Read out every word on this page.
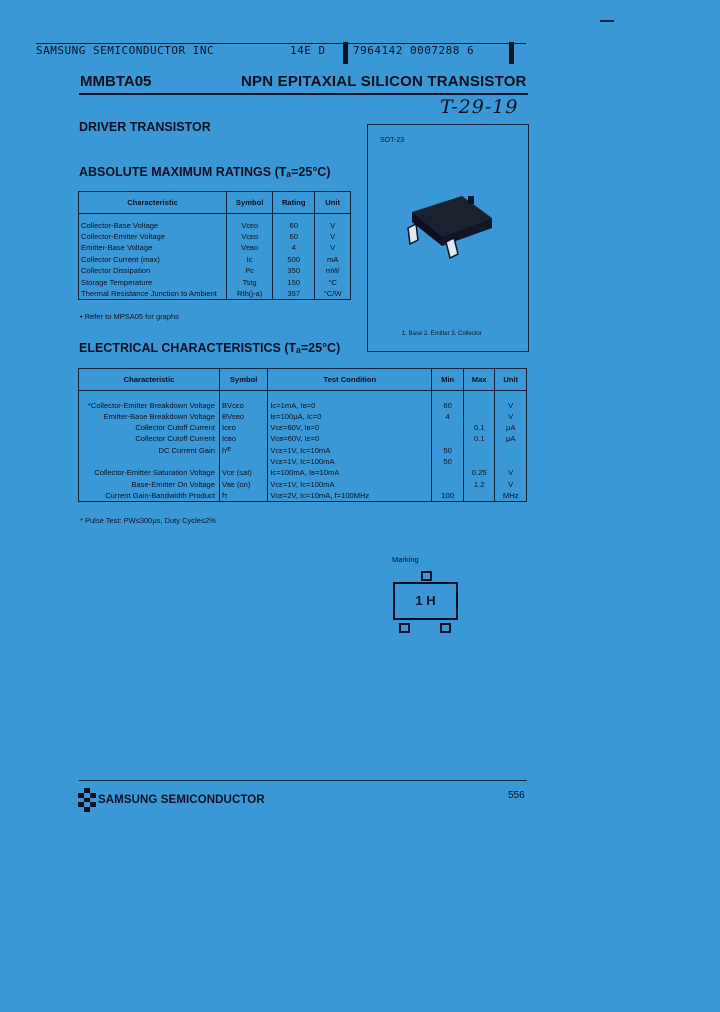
SAMSUNG SEMICONDUCTOR INC	14E D 7964142 0007288 6
MMBTA05	NPN EPITAXIAL SILICON TRANSISTOR
T-29-19
DRIVER TRANSISTOR
ABSOLUTE MAXIMUM RATINGS (Tₐ=25°C)
Characteristic	Symbol	Rating	Unit

Collector-Base Voltage	Vᴄᴇᴏ	60	V
Collector-Emitter Voltage	Vᴄᴇᴏ	60	V
Emitter-Base Voltage	Vᴇʙᴏ	4	V
Collector Current (max)	Iᴄ	500	mA
Collector Dissipation	Pᴄ	350	mW
Storage Temperature	Tstg	150	°C
Thermal Resistance Junction to Ambient	Rth(j-a)	357	°C/W
• Refer to MPSA05 for graphs
SOT-23
1. Base 2. Emitter 3. Collector
ELECTRICAL CHARACTERISTICS (Tₐ=25°C)
Characteristic	Symbol	Test Condition	Min	Max	Unit

*Collector-Emitter Breakdown Voltage	BVᴄᴇᴏ	Iᴄ=1mA, Iʙ=0	60		V
Emitter-Base Breakdown Voltage	BVᴇʙᴏ	Iᴇ=100μA, Iᴄ=0	4		V
Collector Cutoff Current	Iᴄᴇᴏ	Vᴄᴇ=60V, Iʙ=0		0.1	μA
Collector Cutoff Current	Iᴄʙᴏ	Vᴄʙ=60V, Iᴇ=0		0.1	μA
DC Current Gain	hᶠᴱ	Vᴄᴇ=1V, Iᴄ=10mA	50		
		Vᴄᴇ=1V, Iᴄ=100mA	50		
Collector-Emitter Saturation Voltage	Vᴄᴇ (sat)	Iᴄ=100mA, Iʙ=10mA		0.25	V
Base-Emitter On Voltage	Vʙᴇ (on)	Vᴄᴇ=1V, Iᴄ=100mA		1.2	V
Current Gain-Bandwidth Product	fᴛ	Vᴄᴇ=2V, Iᴄ=10mA, f=100MHz	100		MHz
* Pulse Test: PW≤300μs, Duty Cycle≤2%
Marking
1 H
SAMSUNG SEMICONDUCTOR	556
